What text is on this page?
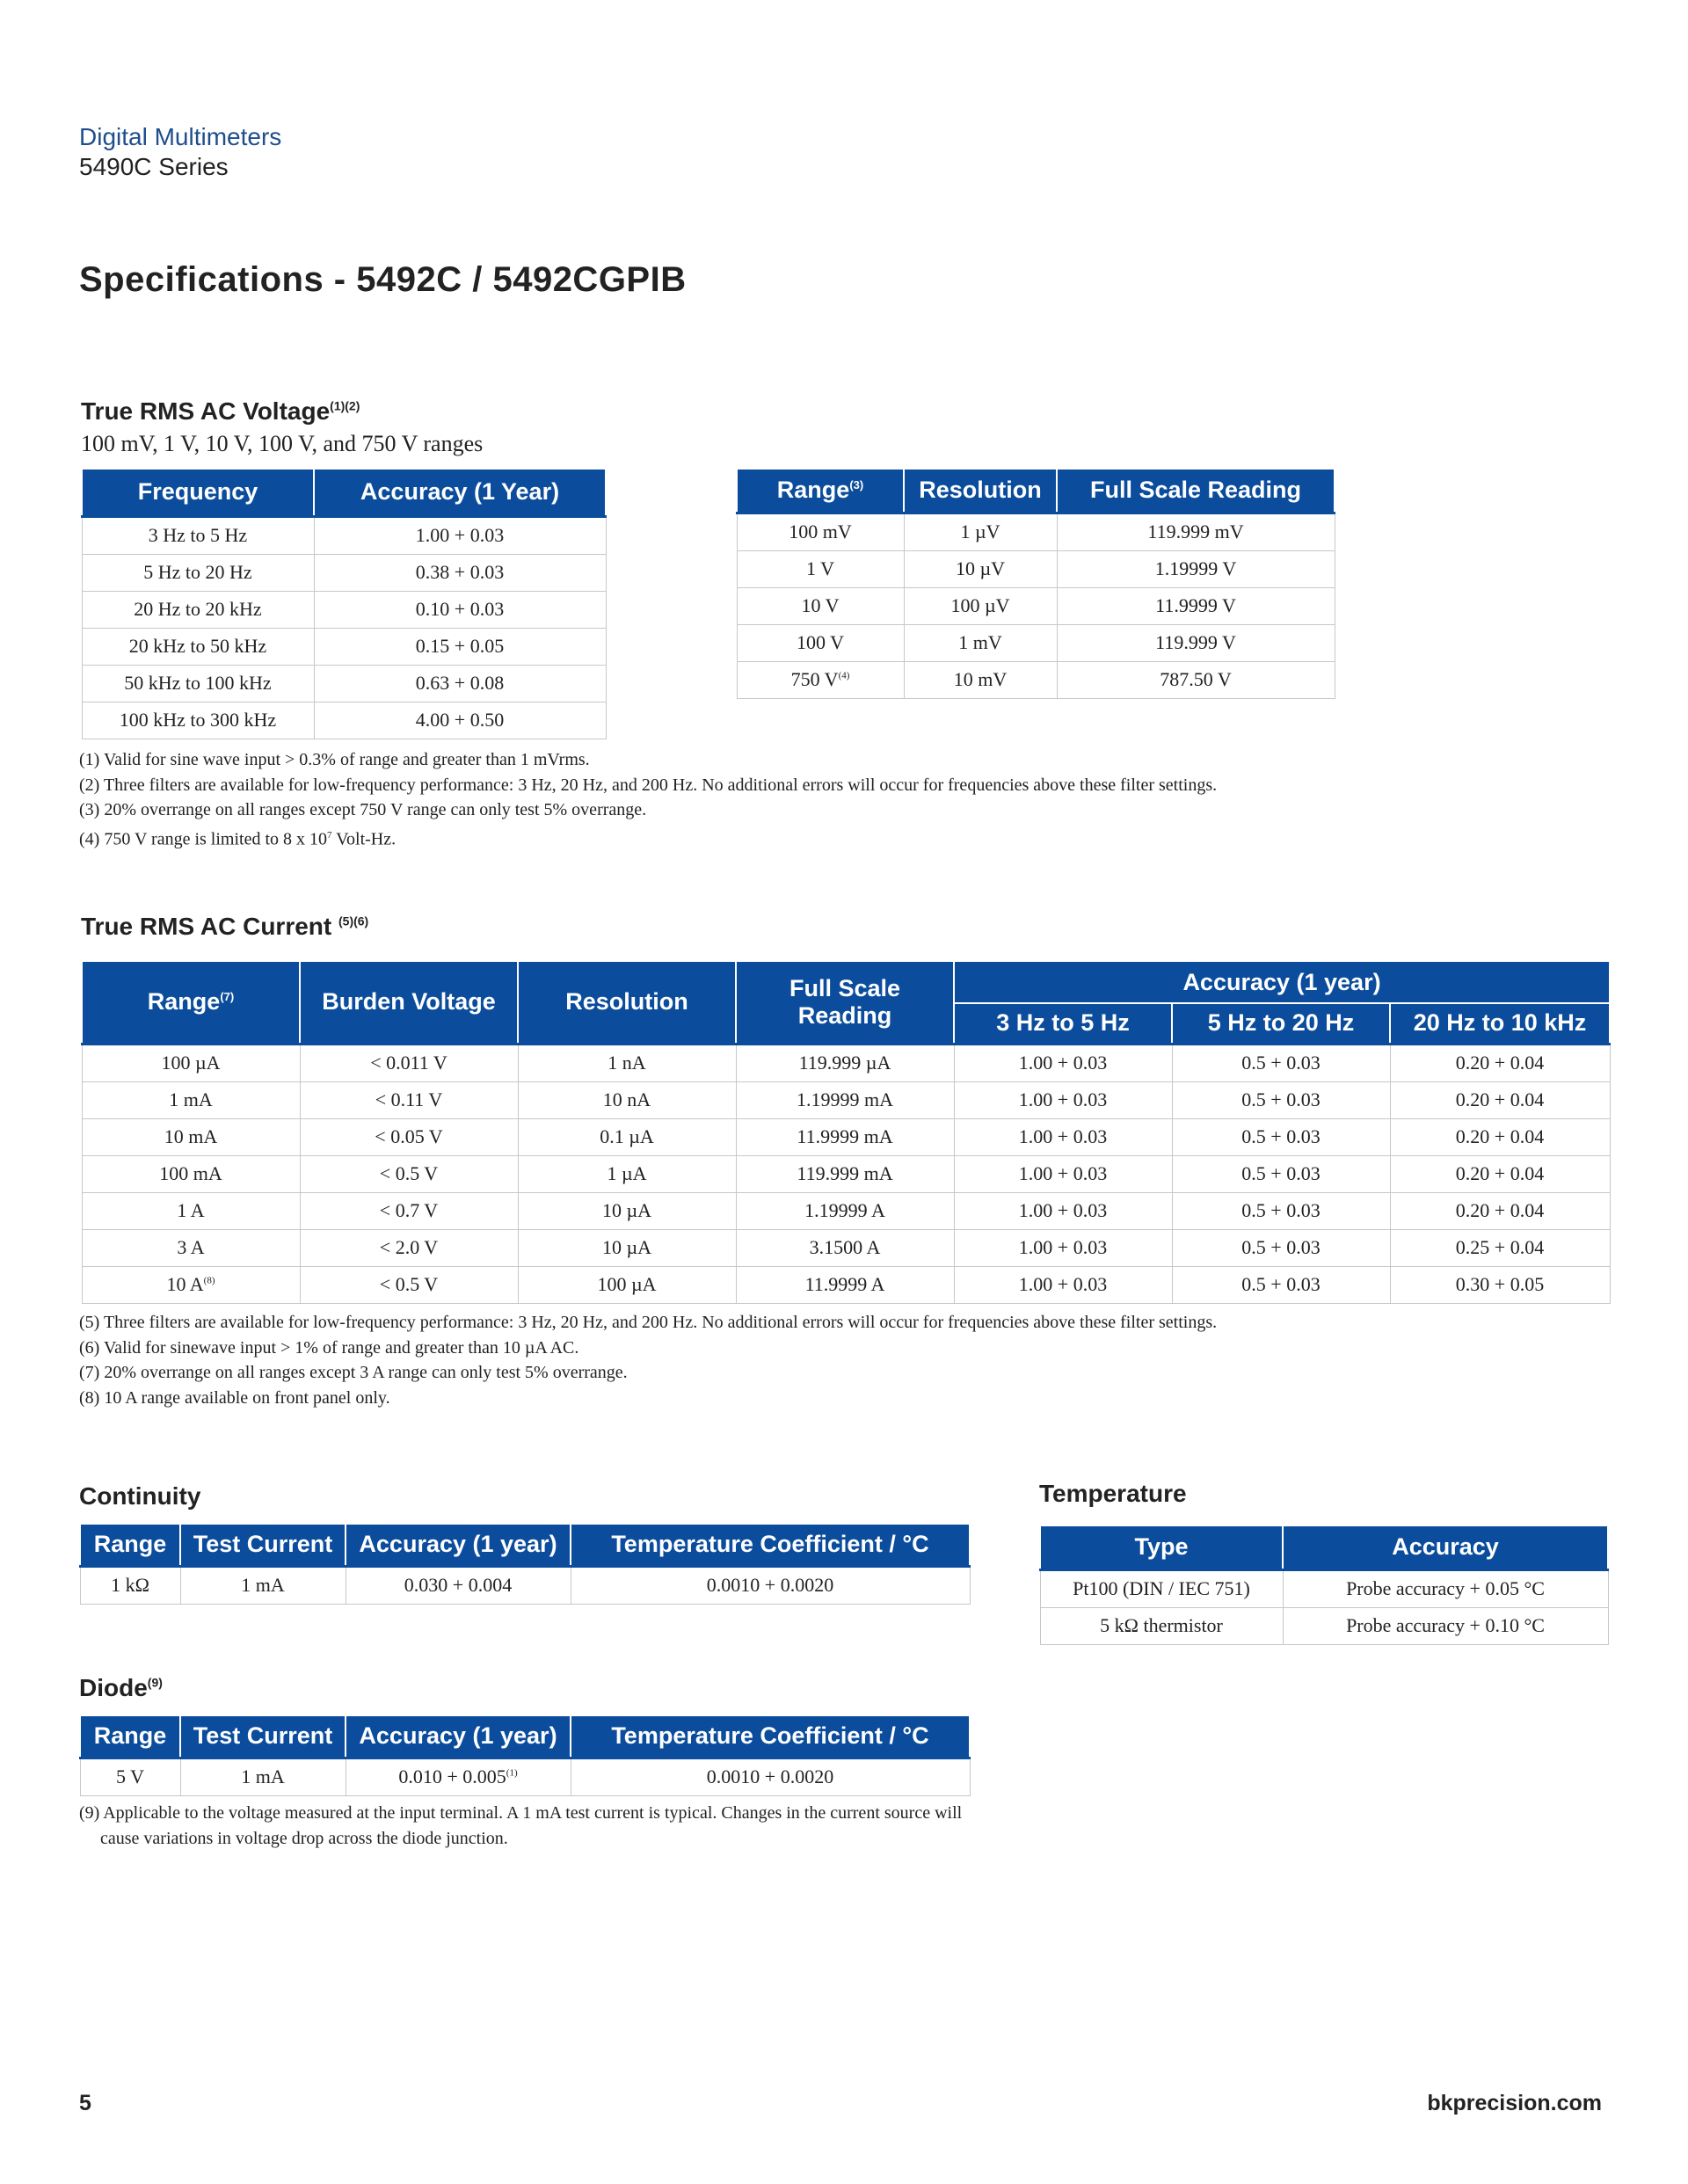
Digital Multimeters
5490C Series
Specifications - 5492C / 5492CGPIB
True RMS AC Voltage$^{(1)(2)}$
100 mV, 1 V, 10 V, 100 V, and 750 V ranges
Frequency	Accuracy (1 Year)
3 Hz to 5 Hz	1.00 + 0.03
5 Hz to 20 Hz	0.38 + 0.03
20 Hz to 20 kHz	0.10 + 0.03
20 kHz to 50 kHz	0.15 + 0.05
50 kHz to 100 kHz	0.63 + 0.08
100 kHz to 300 kHz	4.00 + 0.50
Range$^{(3)}$	Resolution	Full Scale Reading
100 mV	1 µV	119.999 mV
1 V	10 µV	1.19999 V
10 V	100 µV	11.9999 V
100 V	1 mV	119.999 V
750 $V^{(4)}$	10 mV	787.50 V
(1) Valid for sine wave input > 0.3% of range and greater than 1 mVrms.
(2) Three filters are available for low-frequency performance: 3 Hz, 20 Hz, and 200 Hz. No additional errors will occur for frequencies above these filter settings.
(3) 20% overrange on all ranges except 750 V range can only test 5% overrange.
(4) 750 V range is limited to 8 x $10^7$ Volt-Hz.
True RMS AC Current $^{(5)(6)}$
Range$^{(7)}$	Burden Voltage	Resolution	Full Scale
Reading	Accuracy (1 year)		
				3 Hz to 5 Hz	5 Hz to 20 Hz	20 Hz to 10 kHz
100 µA	< 0.011 V	1 nA	119.999 µA	1.00 + 0.03	0.5 + 0.03	0.20 + 0.04
1 mA	< 0.11 V	10 nA	1.19999 mA	1.00 + 0.03	0.5 + 0.03	0.20 + 0.04
10 mA	< 0.05 V	0.1 µA	11.9999 mA	1.00 + 0.03	0.5 + 0.03	0.20 + 0.04
100 mA	< 0.5 V	1 µA	119.999 mA	1.00 + 0.03	0.5 + 0.03	0.20 + 0.04
1 A	< 0.7 V	10 µA	1.19999 A	1.00 + 0.03	0.5 + 0.03	0.20 + 0.04
3 A	< 2.0 V	10 µA	3.1500 A	1.00 + 0.03	0.5 + 0.03	0.25 + 0.04
10 $A^{(8)}$	< 0.5 V	100 µA	11.9999 A	1.00 + 0.03	0.5 + 0.03	0.30 + 0.05
(5) Three filters are available for low-frequency performance: 3 Hz, 20 Hz, and 200 Hz. No additional errors will occur for frequencies above these filter settings.
(6) Valid for sinewave input > 1% of range and greater than 10 µA AC.
(7) 20% overrange on all ranges except 3 A range can only test 5% overrange.
(8) 10 A range available on front panel only.
Continuity
Range	Test Current	Accuracy (1 year)	Temperature Coefficient / °C
1 kΩ	1 mA	0.030 + 0.004	0.0010 + 0.0020
Temperature
Type	Accuracy
Pt100 (DIN / IEC 751)	Probe accuracy + 0.05 °C
5 kΩ thermistor	Probe accuracy + 0.10 °C
Diode$^{(9)}$
Range	Test Current	Accuracy (1 year)	Temperature Coefficient / °C
5 V	1 mA	$0.010 + 0.005^{(1)}$	0.0010 + 0.0020
(9) Applicable to the voltage measured at the input terminal. A 1 mA test current is typical. Changes in the current source will
cause variations in voltage drop across the diode junction.
5	bkprecision.com
